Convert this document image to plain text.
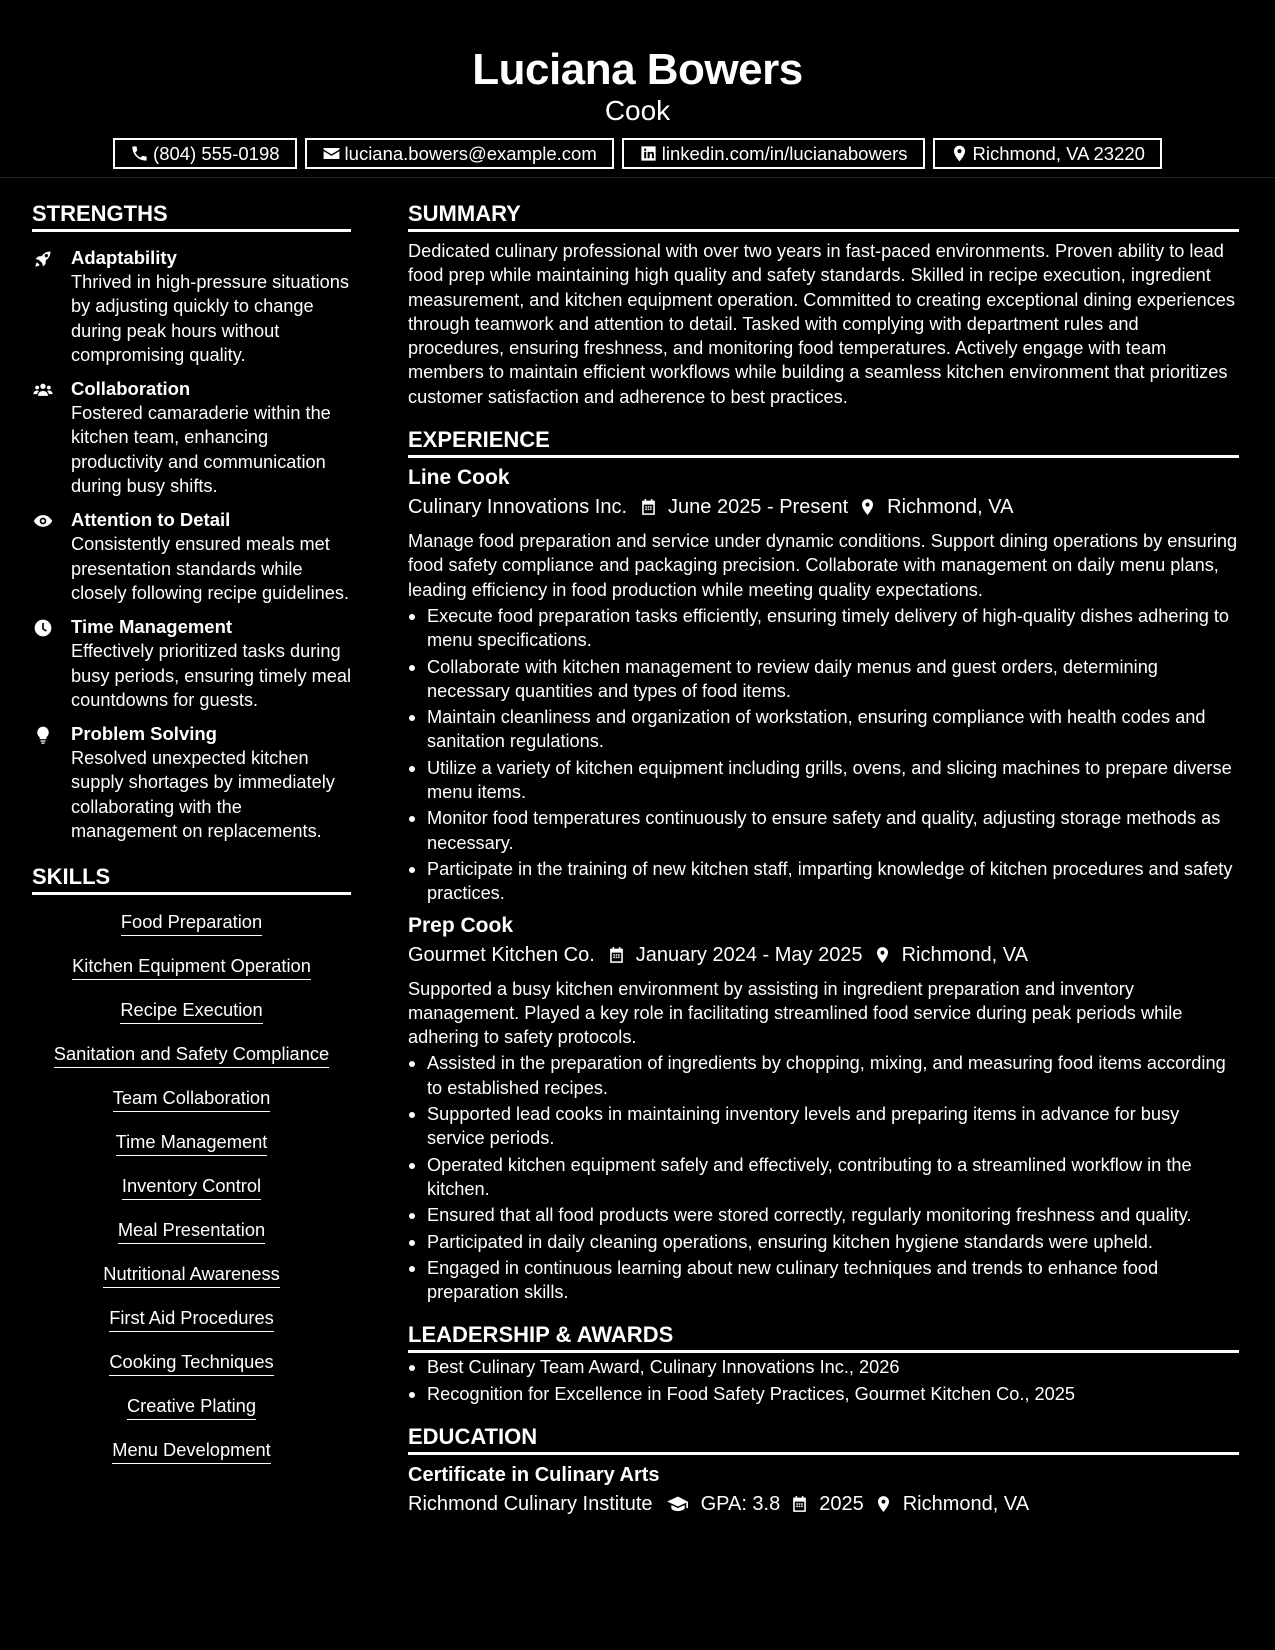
Luciana Bowers
Cook
(804) 555-0198	luciana.bowers@example.com	linkedin.com/in/lucianabowers	Richmond, VA 23220
STRENGTHS
Adaptability
Thrived in high-pressure situations by adjusting quickly to change during peak hours without compromising quality.
Collaboration
Fostered camaraderie within the kitchen team, enhancing productivity and communication during busy shifts.
Attention to Detail
Consistently ensured meals met presentation standards while closely following recipe guidelines.
Time Management
Effectively prioritized tasks during busy periods, ensuring timely meal countdowns for guests.
Problem Solving
Resolved unexpected kitchen supply shortages by immediately collaborating with the management on replacements.
SKILLS
Food Preparation
Kitchen Equipment Operation
Recipe Execution
Sanitation and Safety Compliance
Team Collaboration
Time Management
Inventory Control
Meal Presentation
Nutritional Awareness
First Aid Procedures
Cooking Techniques
Creative Plating
Menu Development
SUMMARY

Dedicated culinary professional with over two years in fast-paced environments. Proven ability to lead food prep while maintaining high quality and safety standards. Skilled in recipe execution, ingredient measurement, and kitchen equipment operation. Committed to creating exceptional dining experiences through teamwork and attention to detail. Tasked with complying with department rules and procedures, ensuring freshness, and monitoring food temperatures. Actively engage with team members to maintain efficient workflows while building a seamless kitchen environment that prioritizes customer satisfaction and adherence to best practices.

EXPERIENCE
Line Cook
Culinary Innovations Inc. June 2025 - Present Richmond, VA

Manage food preparation and service under dynamic conditions. Support dining operations by ensuring food safety compliance and packaging precision. Collaborate with management on daily menu plans, leading efficiency in food production while meeting quality expectations.

Execute food preparation tasks efficiently, ensuring timely delivery of high-quality dishes adhering to menu specifications.
Collaborate with kitchen management to review daily menus and guest orders, determining necessary quantities and types of food items.
Maintain cleanliness and organization of workstation, ensuring compliance with health codes and sanitation regulations.
Utilize a variety of kitchen equipment including grills, ovens, and slicing machines to prepare diverse menu items.
Monitor food temperatures continuously to ensure safety and quality, adjusting storage methods as necessary.
Participate in the training of new kitchen staff, imparting knowledge of kitchen procedures and safety practices.
Prep Cook
Gourmet Kitchen Co. January 2024 - May 2025 Richmond, VA

Supported a busy kitchen environment by assisting in ingredient preparation and inventory management. Played a key role in facilitating streamlined food service during peak periods while adhering to safety protocols.

Assisted in the preparation of ingredients by chopping, mixing, and measuring food items according to established recipes.
Supported lead cooks in maintaining inventory levels and preparing items in advance for busy service periods.
Operated kitchen equipment safely and effectively, contributing to a streamlined workflow in the kitchen.
Ensured that all food products were stored correctly, regularly monitoring freshness and quality.
Participated in daily cleaning operations, ensuring kitchen hygiene standards were upheld.
Engaged in continuous learning about new culinary techniques and trends to enhance food preparation skills.
LEADERSHIP & AWARDS
Best Culinary Team Award, Culinary Innovations Inc., 2026
Recognition for Excellence in Food Safety Practices, Gourmet Kitchen Co., 2025
EDUCATION
Certificate in Culinary Arts
Richmond Culinary Institute GPA: 3.8 2025 Richmond, VA
